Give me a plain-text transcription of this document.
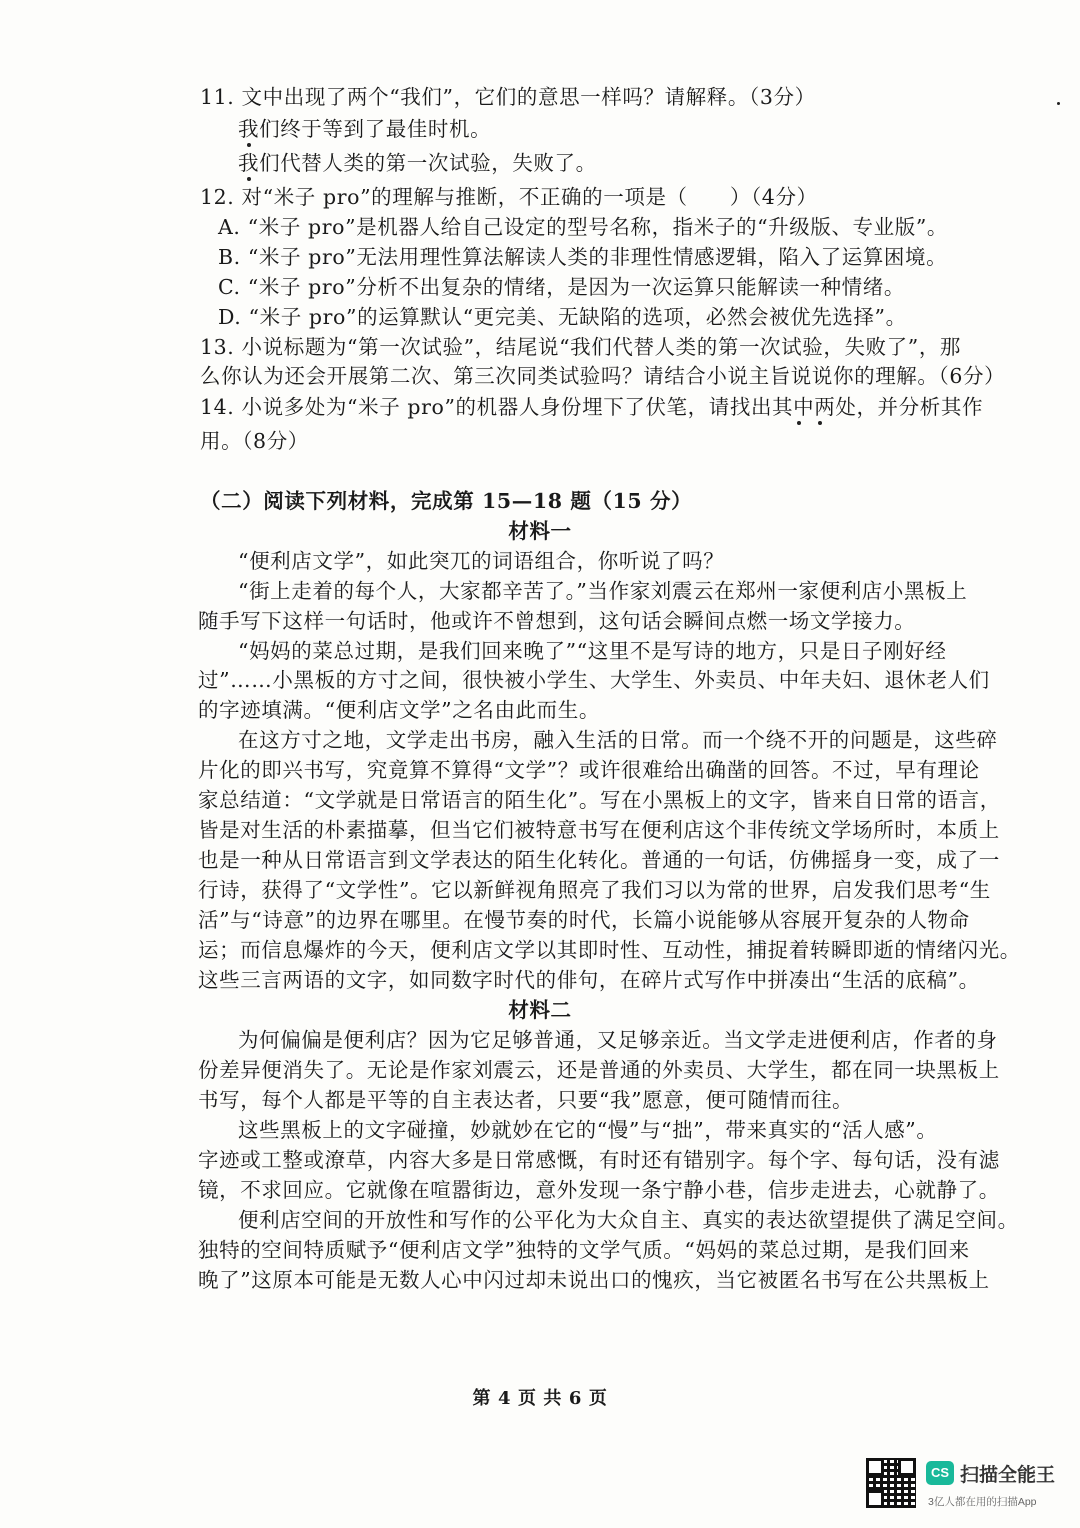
11. 文中出现了两个“我们”，它们的意思一样吗？请解释。（3分）
我们终于等到了最佳时机。
我们代替人类的第一次试验，失败了。
12. 对“米子 pro”的理解与推断，不正确的一项是（　　）（4分）
A. “米子 pro”是机器人给自己设定的型号名称，指米子的“升级版、专业版”。
B. “米子 pro”无法用理性算法解读人类的非理性情感逻辑，陷入了运算困境。
C. “米子 pro”分析不出复杂的情绪，是因为一次运算只能解读一种情绪。
D. “米子 pro”的运算默认“更完美、无缺陷的选项，必然会被优先选择”。
13. 小说标题为“第一次试验”，结尾说“我们代替人类的第一次试验，失败了”，那
么你认为还会开展第二次、第三次同类试验吗？请结合小说主旨说说你的理解。（6分）
14. 小说多处为“米子 pro”的机器人身份埋下了伏笔，请找出其中两处，并分析其作
用。（8分）
（二）阅读下列材料，完成第 15—18 题（15 分）
材料一
“便利店文学”，如此突兀的词语组合，你听说了吗？
“街上走着的每个人，大家都辛苦了。”当作家刘震云在郑州一家便利店小黑板上
随手写下这样一句话时，他或许不曾想到，这句话会瞬间点燃一场文学接力。
“妈妈的菜总过期，是我们回来晚了”“这里不是写诗的地方，只是日子刚好经
过”……小黑板的方寸之间，很快被小学生、大学生、外卖员、中年夫妇、退休老人们
的字迹填满。“便利店文学”之名由此而生。
在这方寸之地，文学走出书房，融入生活的日常。而一个绕不开的问题是，这些碎
片化的即兴书写，究竟算不算得“文学”？或许很难给出确凿的回答。不过，早有理论
家总结道：“文学就是日常语言的陌生化”。写在小黑板上的文字，皆来自日常的语言，
皆是对生活的朴素描摹，但当它们被特意书写在便利店这个非传统文学场所时，本质上
也是一种从日常语言到文学表达的陌生化转化。普通的一句话，仿佛摇身一变，成了一
行诗，获得了“文学性”。它以新鲜视角照亮了我们习以为常的世界，启发我们思考“生
活”与“诗意”的边界在哪里。在慢节奏的时代，长篇小说能够从容展开复杂的人物命
运；而信息爆炸的今天，便利店文学以其即时性、互动性，捕捉着转瞬即逝的情绪闪光。
这些三言两语的文字，如同数字时代的俳句，在碎片式写作中拼凑出“生活的底稿”。
材料二
为何偏偏是便利店？因为它足够普通，又足够亲近。当文学走进便利店，作者的身
份差异便消失了。无论是作家刘震云，还是普通的外卖员、大学生，都在同一块黑板上
书写，每个人都是平等的自主表达者，只要“我”愿意，便可随情而往。
这些黑板上的文字碰撞，妙就妙在它的“慢”与“拙”，带来真实的“活人感”。
字迹或工整或潦草，内容大多是日常感慨，有时还有错别字。每个字、每句话，没有滤
镜，不求回应。它就像在喧嚣街边，意外发现一条宁静小巷，信步走进去，心就静了。
便利店空间的开放性和写作的公平化为大众自主、真实的表达欲望提供了满足空间。
独特的空间特质赋予“便利店文学”独特的文学气质。“妈妈的菜总过期，是我们回来
晚了”这原本可能是无数人心中闪过却未说出口的愧疚，当它被匿名书写在公共黑板上
第 4 页 共 6 页
CS 扫描全能王
3亿人都在用的扫描App
